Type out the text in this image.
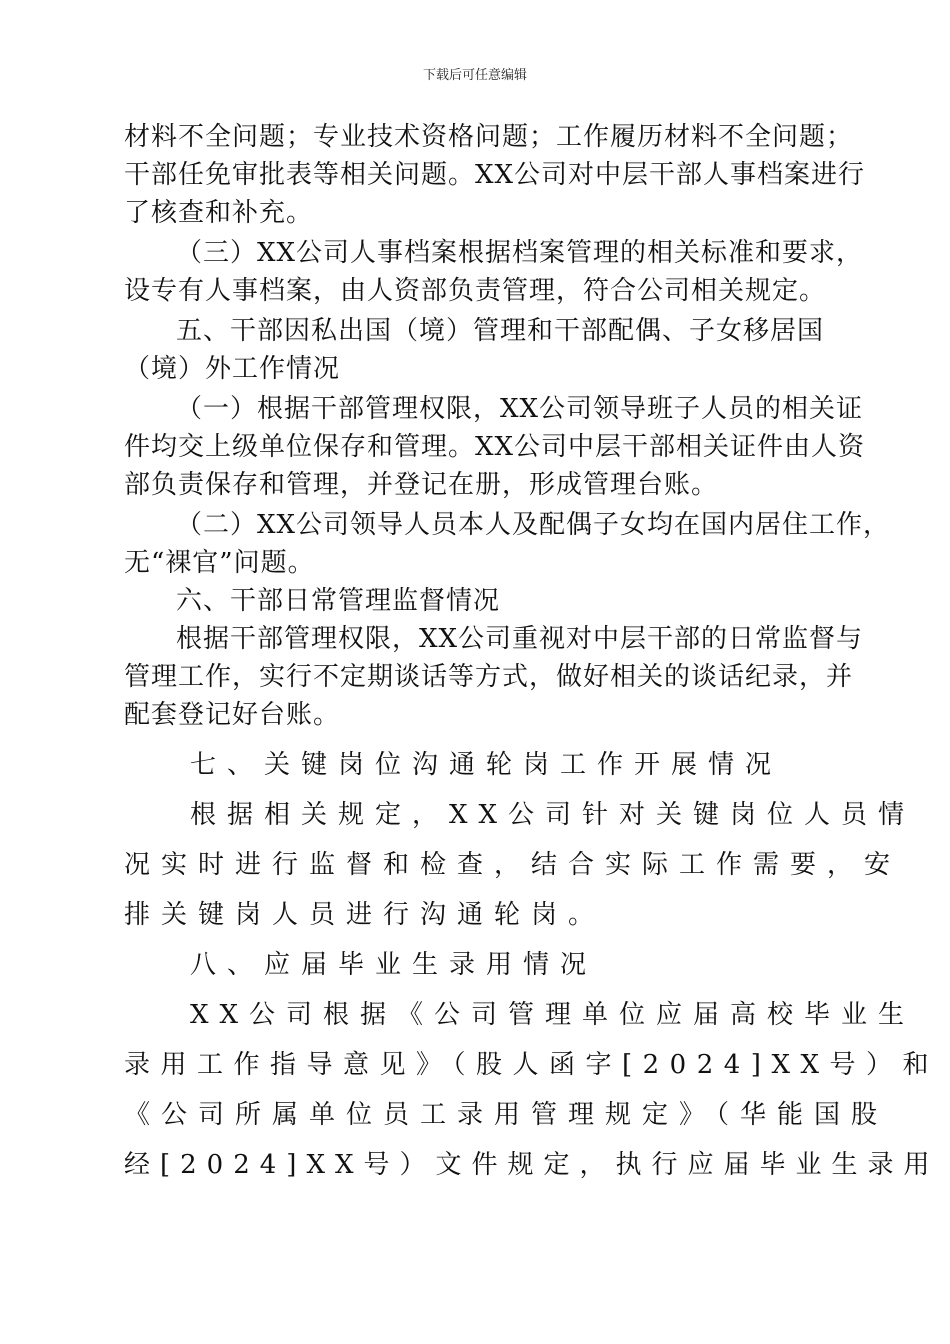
下载后可任意编辑
材料不全问题；专业技术资格问题；工作履历材料不全问题；
干部任免审批表等相关问题。XX公司对中层干部人事档案进行
了核查和补充。
（三）XX公司人事档案根据档案管理的相关标准和要求，
设专有人事档案，由人资部负责管理，符合公司相关规定。
五、干部因私出国（境）管理和干部配偶、子女移居国
（境）外工作情况
（一）根据干部管理权限，XX公司领导班子人员的相关证
件均交上级单位保存和管理。XX公司中层干部相关证件由人资
部负责保存和管理，并登记在册，形成管理台账。
（二）XX公司领导人员本人及配偶子女均在国内居住工作，
无“裸官”问题。
六、干部日常管理监督情况
根据干部管理权限，XX公司重视对中层干部的日常监督与
管理工作，实行不定期谈话等方式，做好相关的谈话纪录，并
配套登记好台账。
七、关键岗位沟通轮岗工作开展情况
根据相关规定，XX公司针对关键岗位人员情
况实时进行监督和检查，结合实际工作需要，安
排关键岗人员进行沟通轮岗。
八、应届毕业生录用情况
XX公司根据《公司管理单位应届高校毕业生
录用工作指导意见》（股人函字[2024]XX号）和
《公司所属单位员工录用管理规定》（华能国股
经[2024]XX号）文件规定，执行应届毕业生录用
